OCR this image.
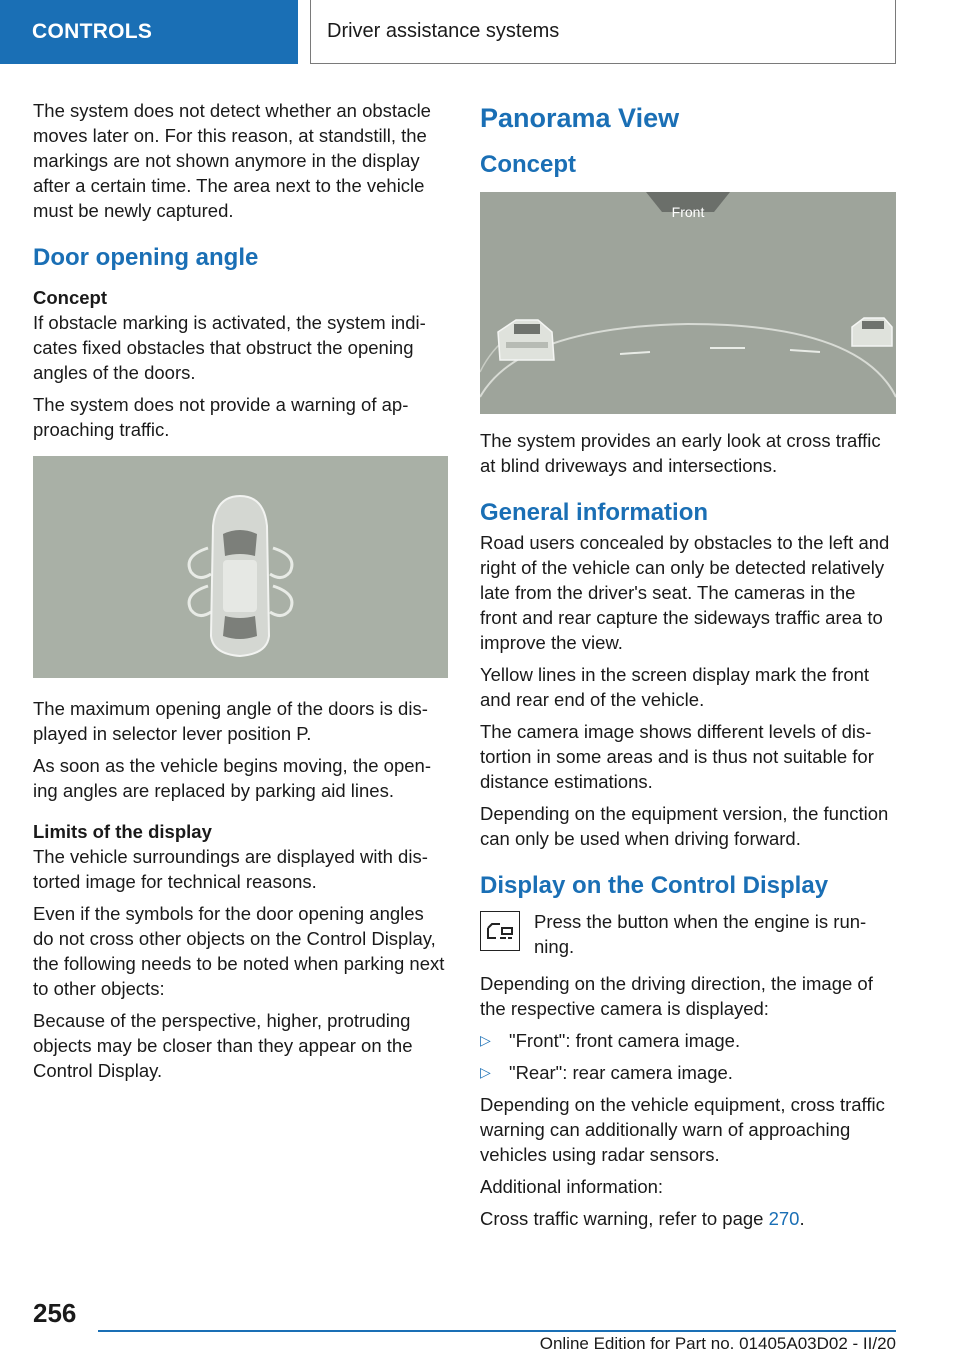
CONTROLS	Driver assistance systems

The system does not detect whether an obstacle moves later on. For this reason, at standstill, the markings are not shown anymore in the display after a certain time. The area next to the vehicle must be newly captured.

Door opening angle
Concept

If obstacle marking is activated, the system indicates fixed obstacles that obstruct the opening angles of the doors.

The system does not provide a warning of approaching traffic.

The maximum opening angle of the doors is displayed in selector lever position P.

As soon as the vehicle begins moving, the opening angles are replaced by parking aid lines.

Limits of the display

The vehicle surroundings are displayed with distorted image for technical reasons.

Even if the symbols for the door opening angles do not cross other objects on the Control Display, the following needs to be noted when parking next to other objects:

Because of the perspective, higher, protruding objects may be closer than they appear on the Control Display.

Panorama View
Concept
Front

The system provides an early look at cross traffic at blind driveways and intersections.

General information

Road users concealed by obstacles to the left and right of the vehicle can only be detected relatively late from the driver's seat. The cameras in the front and rear capture the sideways traffic area to improve the view.

Yellow lines in the screen display mark the front and rear end of the vehicle.

The camera image shows different levels of distortion in some areas and is thus not suitable for distance estimations.

Depending on the equipment version, the function can only be used when driving forward.

Display on the Control Display

Press the button when the engine is running.

Depending on the driving direction, the image of the respective camera is displayed:

▷ "Front": front camera image.
▷ "Rear": rear camera image.

Depending on the vehicle equipment, cross traffic warning can additionally warn of approaching vehicles using radar sensors.

Additional information:

Cross traffic warning, refer to page 270.

256
Online Edition for Part no. 01405A03D02 - II/20
